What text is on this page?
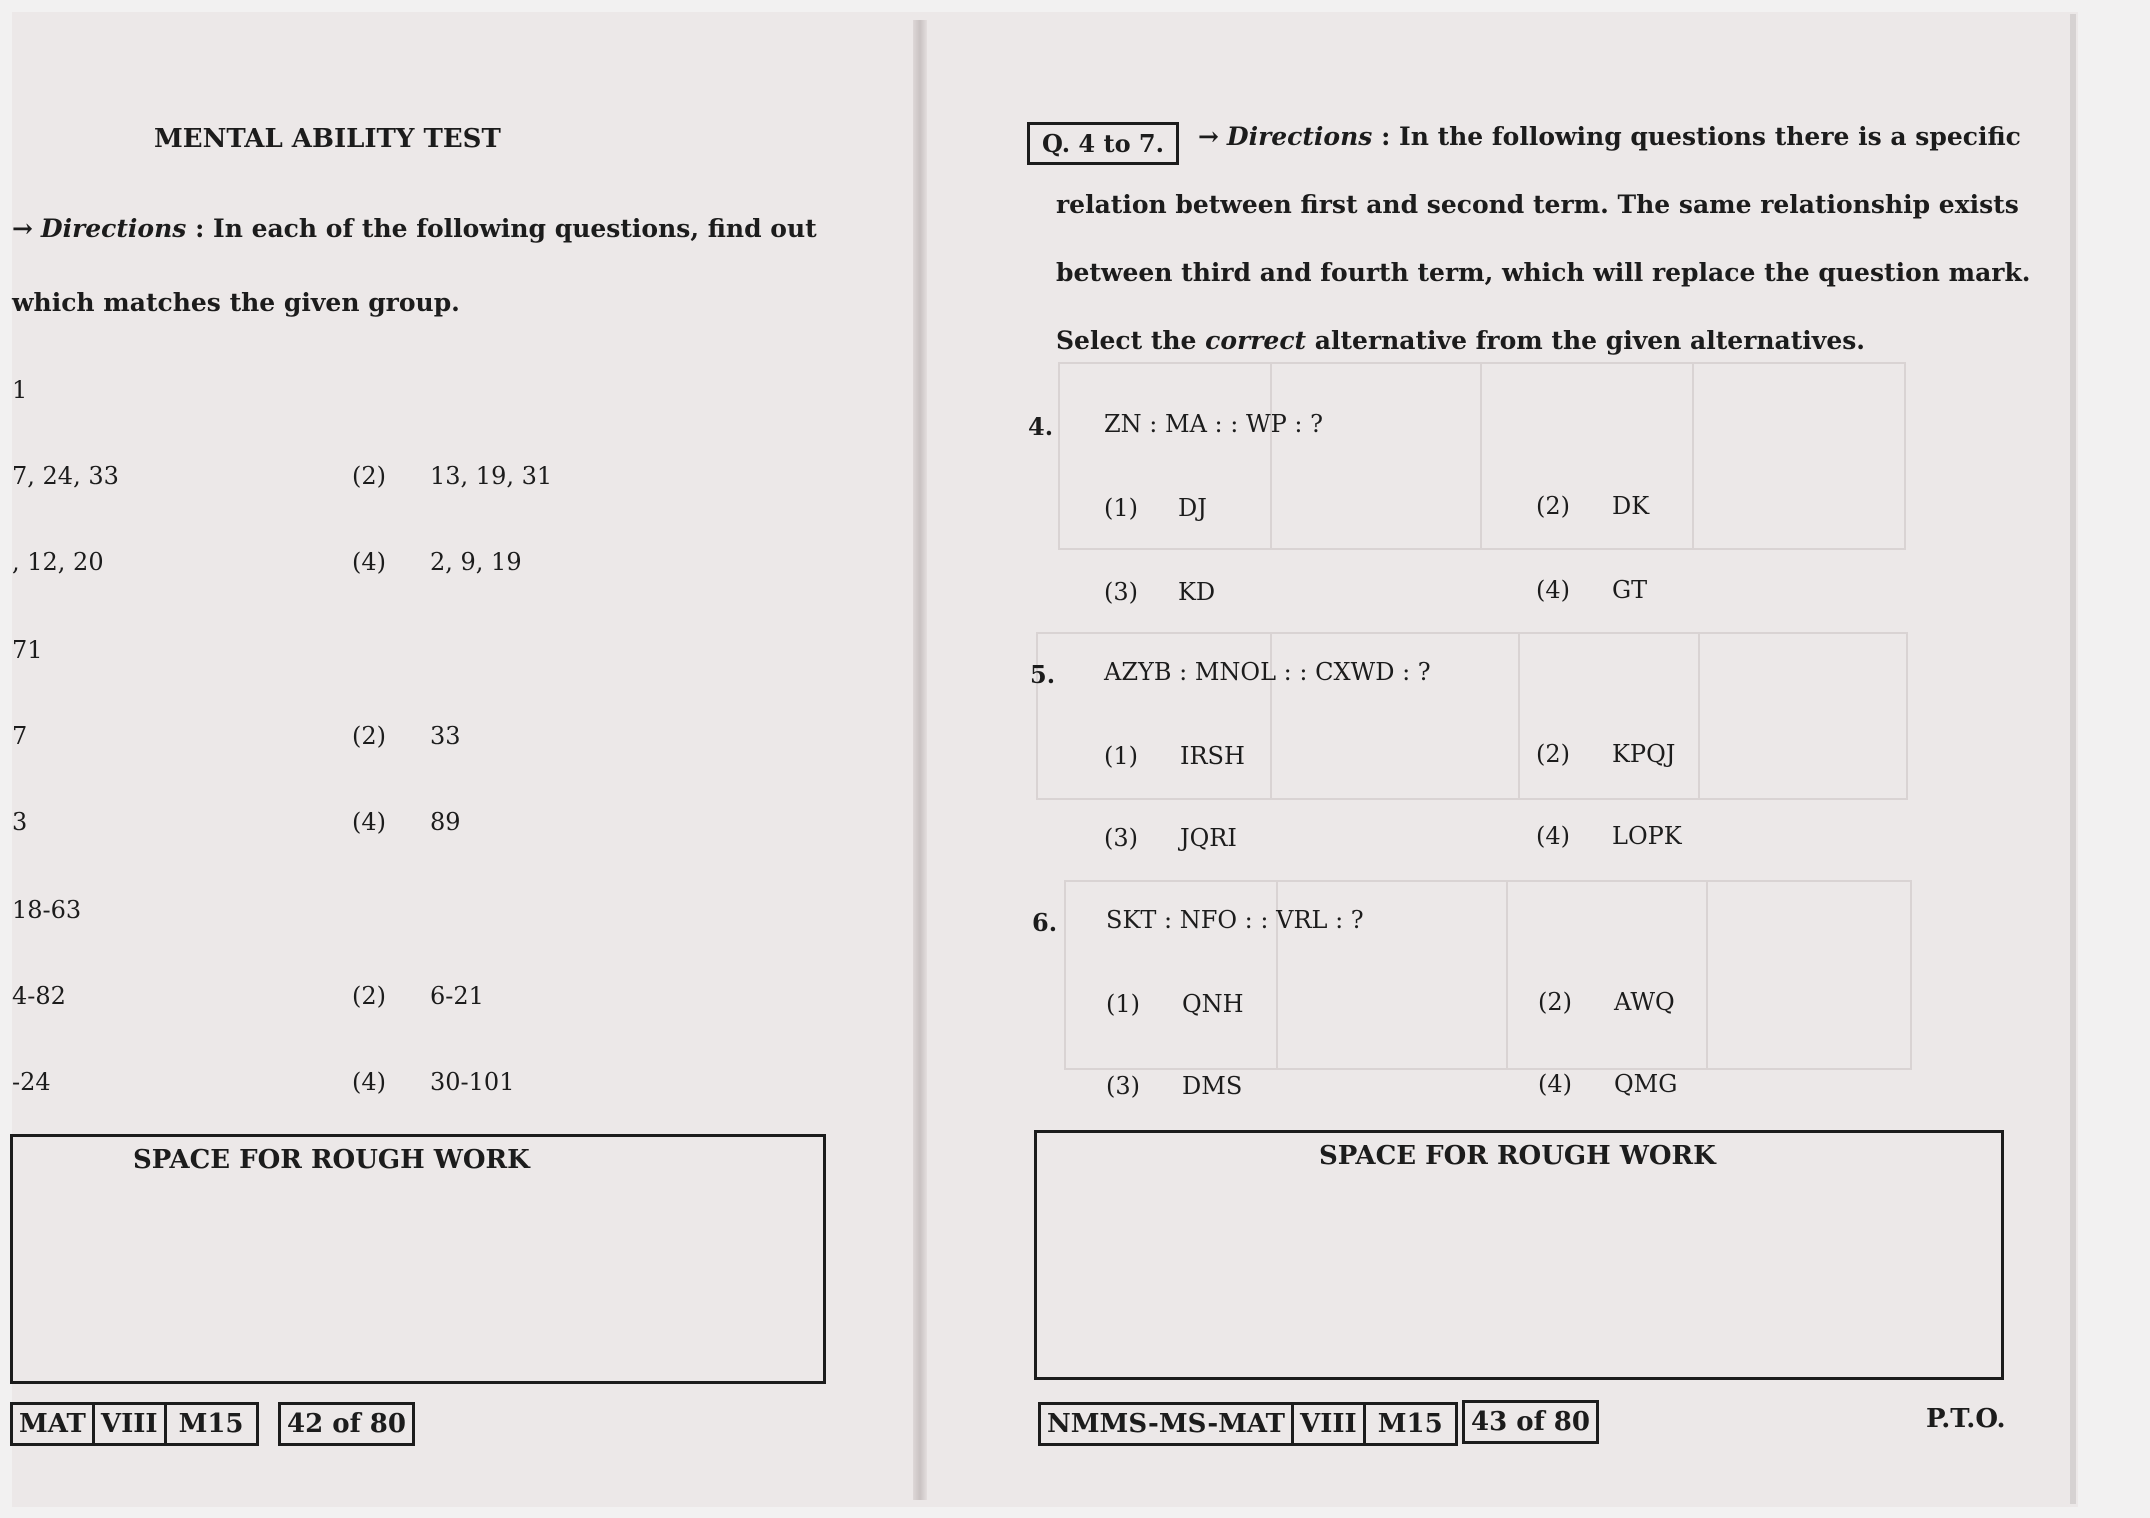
MENTAL ABILITY TEST
→ Directions : In each of the following questions, find out
which matches the given group.
1
7, 24, 33	(2) 13, 19, 31
, 12, 20	(4) 2, 9, 19
71
7	(2) 33
3	(4) 89
18-63
4-82	(2) 6-21
-24	(4) 30-101
SPACE FOR ROUGH WORK
MAT VIII M15	42 of 80
Q. 4 to 7.	→ Directions : In the following questions there is a specific
relation between first and second term. The same relationship exists
between third and fourth term, which will replace the question mark.
Select the correct alternative from the given alternatives.
4. ZN : MA : : WP : ?
(1) DJ	(2) DK
(3) KD	(4) GT
5. AZYB : MNOL : : CXWD : ?
(1) IRSH	(2) KPQJ
(3) JQRI	(4) LOPK
6. SKT : NFO : : VRL : ?
(1) QNH	(2) AWQ
(3) DMS	(4) QMG
SPACE FOR ROUGH WORK
NMMS-MS-MAT VIII M15	43 of 80	P.T.O.
